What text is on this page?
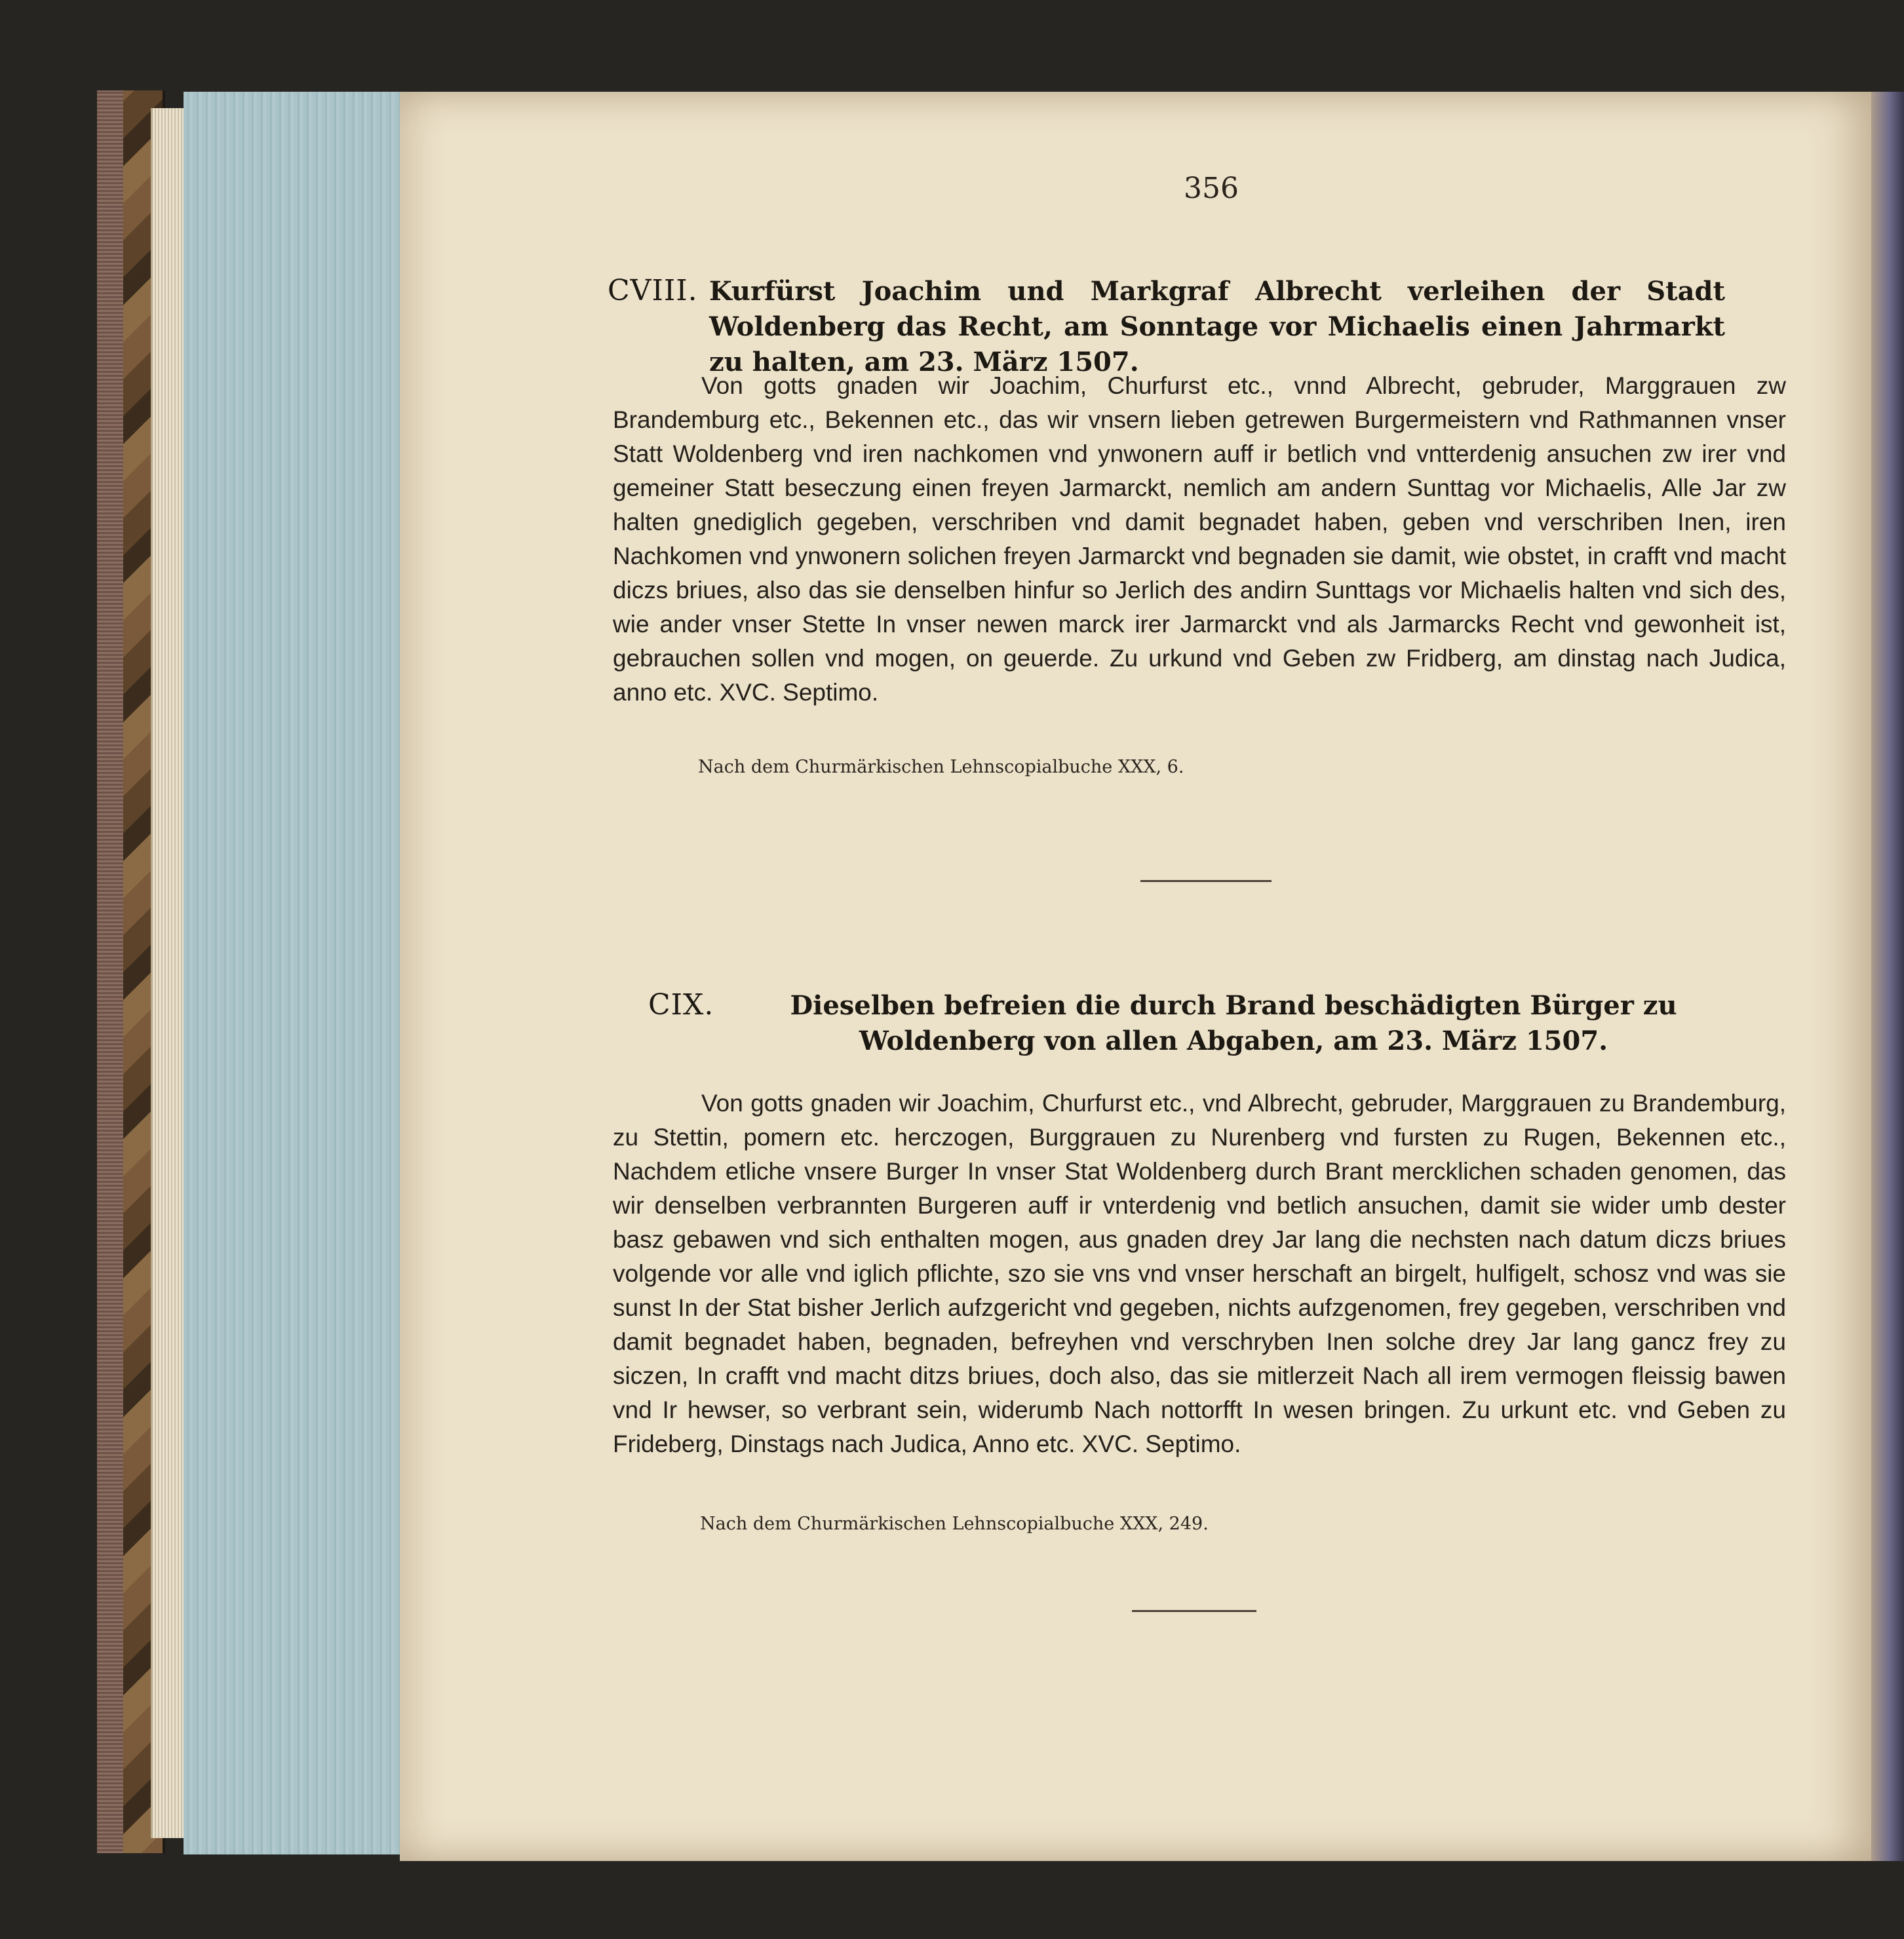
356
CVIII. Kurfürst Joachim und Markgraf Albrecht verleihen der Stadt Woldenberg das Recht, am Sonntage vor Michaelis einen Jahrmarkt zu halten, am 23. März 1507.
Von gotts gnaden wir Joachim, Churfurst etc., vnnd Albrecht, gebruder, Marggrauen zw Brandemburg etc., Bekennen etc., das wir vnsern lieben getrewen Burgermeistern vnd Rathmannen vnser Statt Woldenberg vnd iren nachkomen vnd ynwonern auff ir betlich vnd vntterdenig ansuchen zw irer vnd gemeiner Statt beseczung einen freyen Jarmarckt, nemlich am andern Sunttag vor Michaelis, Alle Jar zw halten gnediglich gegeben, verschriben vnd damit begnadet haben, geben vnd verschriben Inen, iren Nachkomen vnd ynwonern solichen freyen Jarmarckt vnd begnaden sie damit, wie obstet, in crafft vnd macht diczs briues, also das sie denselben hinfur so Jerlich des andirn Sunttags vor Michaelis halten vnd sich des, wie ander vnser Stette In vnser newen marck irer Jarmarckt vnd als Jarmarcks Recht vnd gewonheit ist, gebrauchen sollen vnd mogen, on geuerde. Zu urkund vnd Geben zw Fridberg, am dinstag nach Judica, anno etc. XVC. Septimo.
Nach dem Churmärkischen Lehnscopialbuche XXX, 6.
CIX.	Dieselben befreien die durch Brand beschädigten Bürger zu Woldenberg von allen Abgaben, am 23. März 1507.
Von gotts gnaden wir Joachim, Churfurst etc., vnd Albrecht, gebruder, Marggrauen zu Brandemburg, zu Stettin, pomern etc. herczogen, Burggrauen zu Nurenberg vnd fursten zu Rugen, Bekennen etc., Nachdem etliche vnsere Burger In vnser Stat Woldenberg durch Brant mercklichen schaden genomen, das wir denselben verbrannten Burgeren auff ir vnterdenig vnd betlich ansuchen, damit sie wider umb dester basz gebawen vnd sich enthalten mogen, aus gnaden drey Jar lang die nechsten nach datum diczs briues volgende vor alle vnd iglich pflichte, szo sie vns vnd vnser herschaft an birgelt, hulfigelt, schosz vnd was sie sunst In der Stat bisher Jerlich aufzgericht vnd gegeben, nichts aufzgenomen, frey gegeben, verschriben vnd damit begnadet haben, begnaden, befreyhen vnd verschryben Inen solche drey Jar lang gancz frey zu siczen, In crafft vnd macht ditzs briues, doch also, das sie mitlerzeit Nach all irem vermogen fleissig bawen vnd Ir hewser, so verbrant sein, widerumb Nach nottorfft In wesen bringen. Zu urkunt etc. vnd Geben zu Frideberg, Dinstags nach Judica, Anno etc. XVC. Septimo.
Nach dem Churmärkischen Lehnscopialbuche XXX, 249.
